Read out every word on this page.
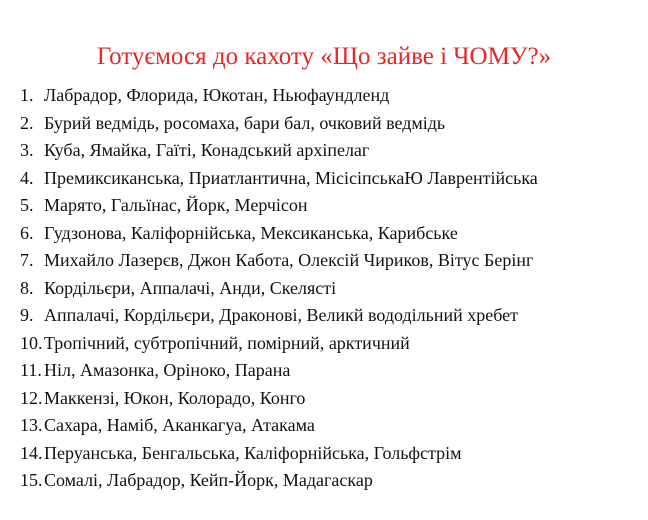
Готуємося до кахоту «Що зайве і ЧОМУ?»
1. Лабрадор, Флорида, Юкотан, Ньюфаундленд
2. Бурий ведмідь, росомаха, бари бал, очковий ведмідь
3. Куба, Ямайка, Гаїті, Конадський архіпелаг
4. Премиксиканська, Приатлантична, МісісіпськаЮ Лаврентійська
5. Марято, Гальїнас, Йорк, Мерчісон
6. Гудзонова, Каліфорнійська, Мексиканська, Карибське
7. Михайло Лазерєв, Джон Кабота, Олексій Чириков, Вітус Берінг
8. Кордільєри, Аппалачі, Анди, Скелясті
9. Аппалачі, Кордільєри, Драконові, Великй вододільний хребет
10. Тропічний, субтропічний, помірний, арктичний
11. Ніл, Амазонка, Оріноко, Парана
12. Маккензі, Юкон, Колорадо, Конго
13. Сахара, Наміб, Аканкагуа, Атакама
14. Перуанська, Бенгальська, Каліфорнійська, Гольфстрім
15. Сомалі, Лабрадор, Кейп-Йорк, Мадагаскар
